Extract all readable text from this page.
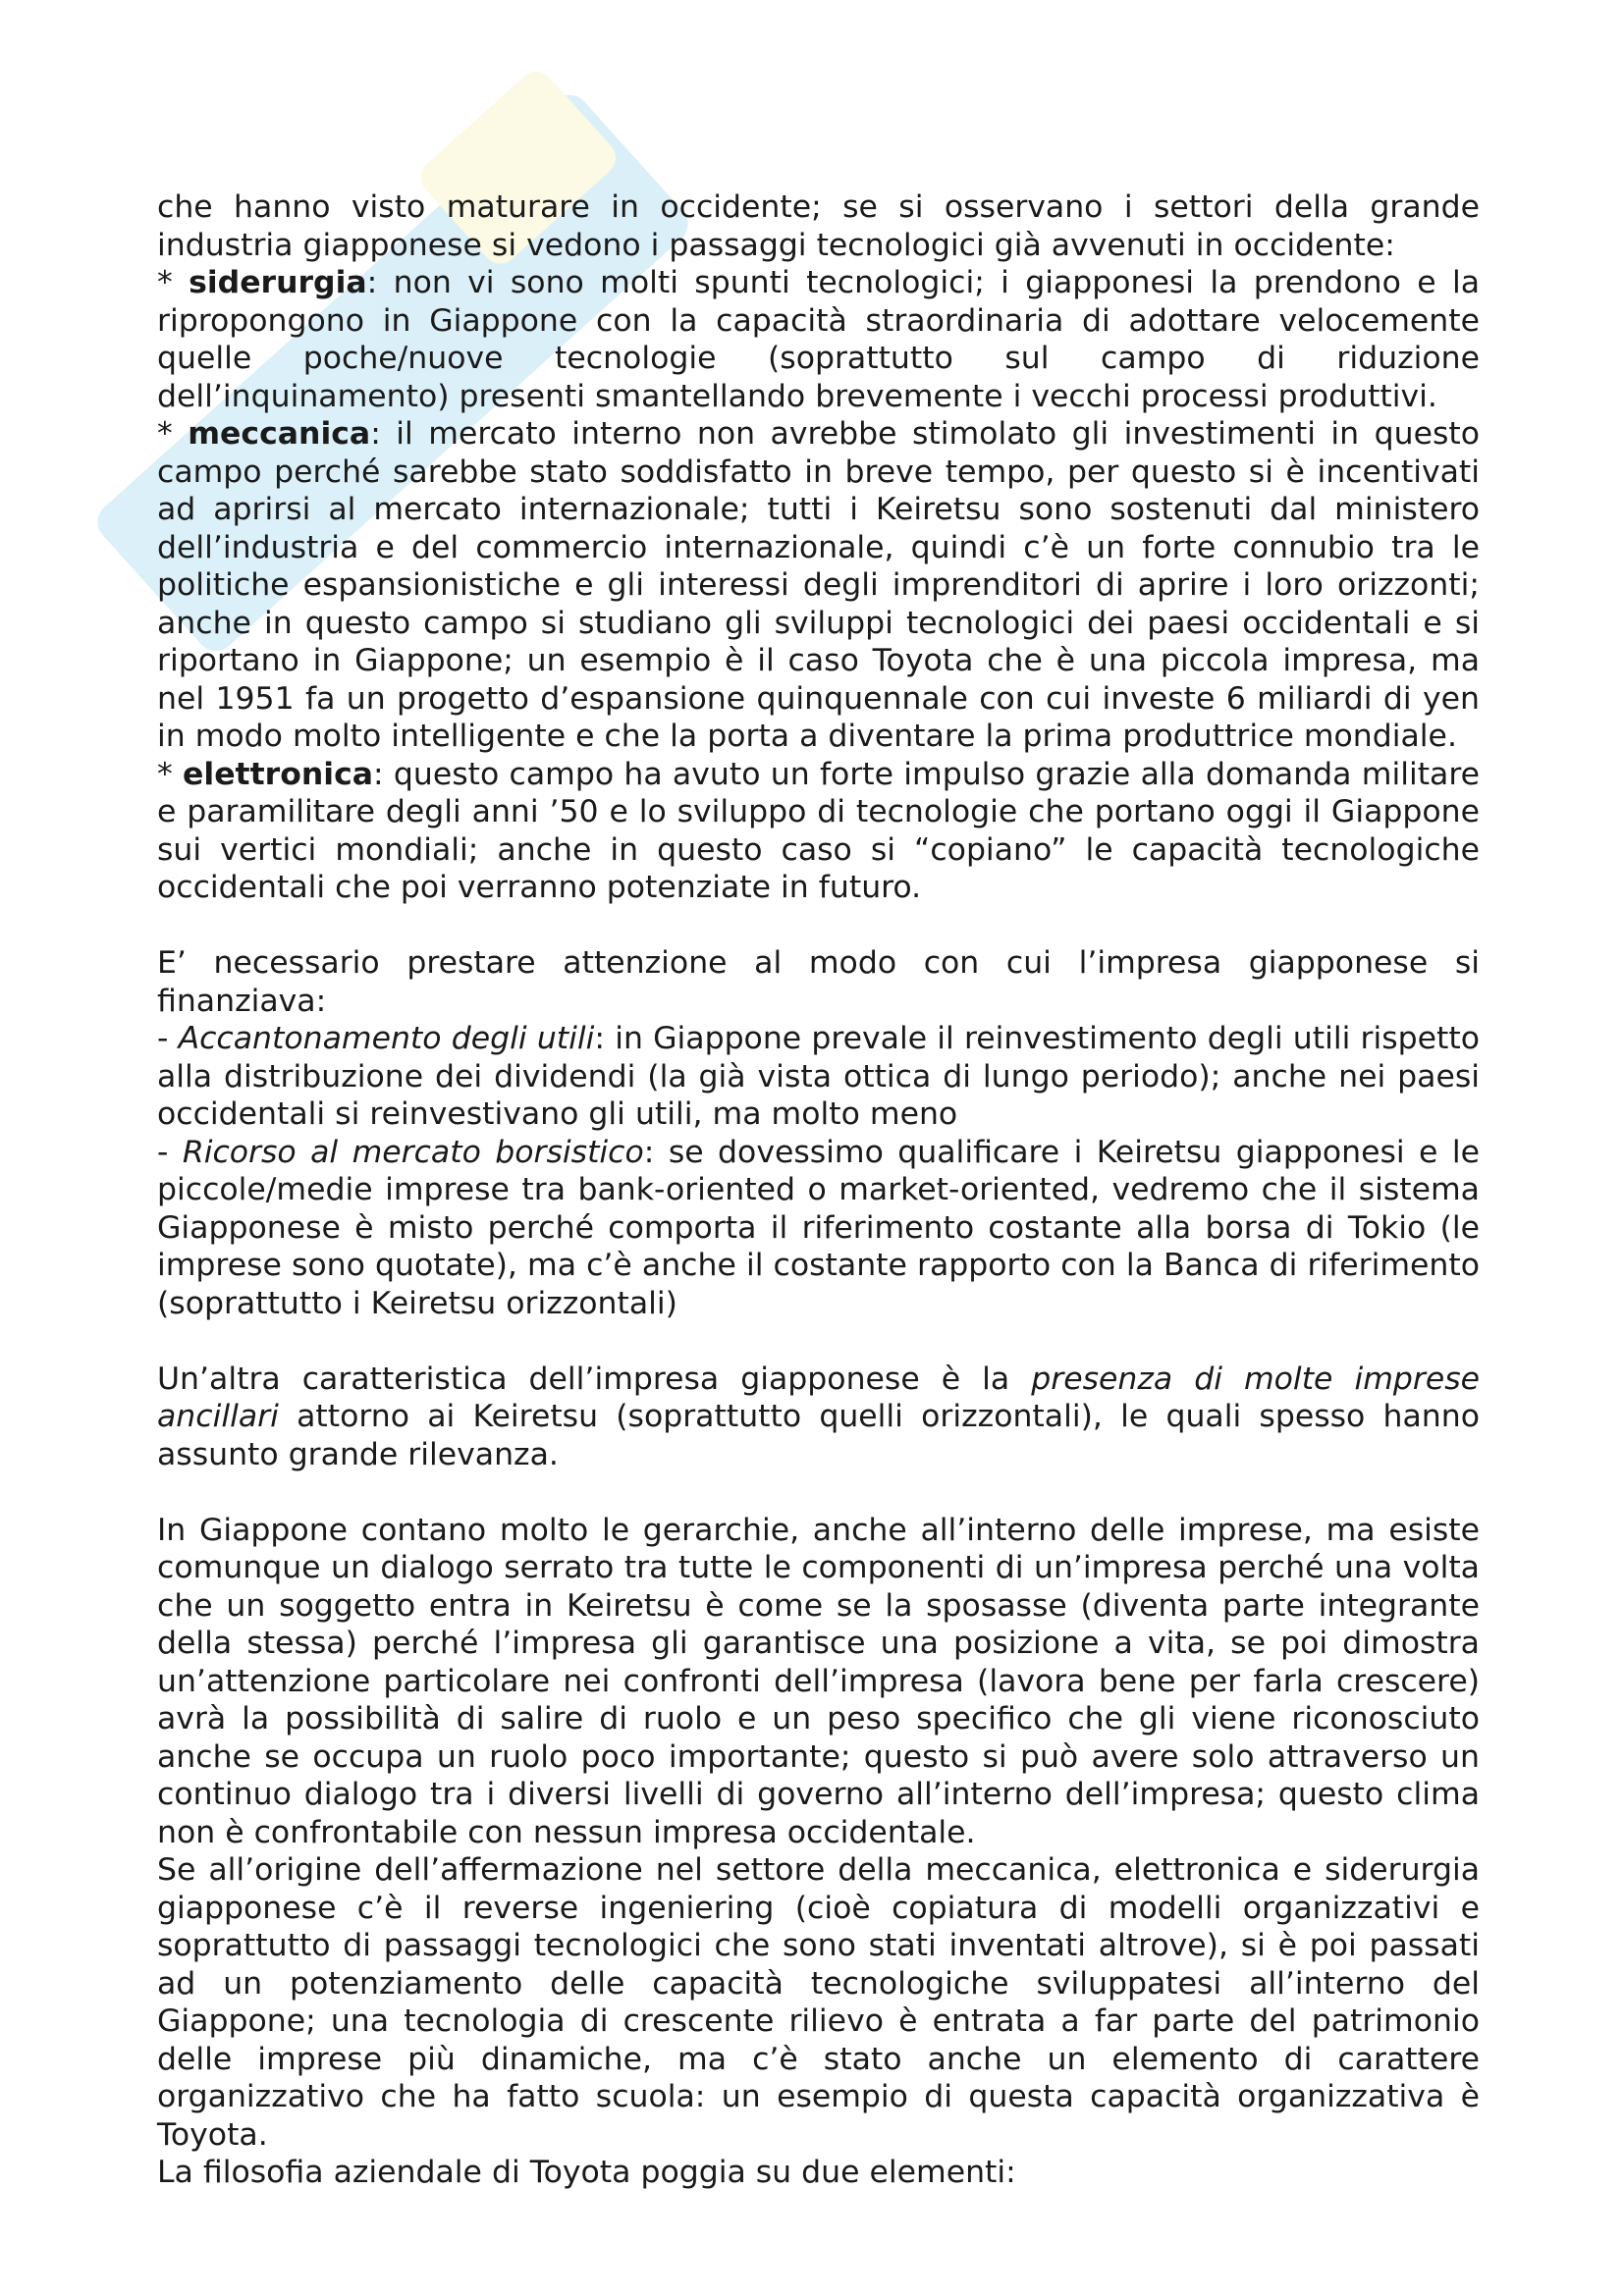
che hanno visto maturare in occidente; se si osservano i settori della grande industria giapponese si vedono i passaggi tecnologici già avvenuti in occidente:

* siderurgia: non vi sono molti spunti tecnologici; i giapponesi la prendono e la ripropongono in Giappone con la capacità straordinaria di adottare velocemente quelle poche/nuove tecnologie (soprattutto sul campo di riduzione dell’inquinamento) presenti smantellando brevemente i vecchi processi produttivi.

* meccanica: il mercato interno non avrebbe stimolato gli investimenti in questo campo perché sarebbe stato soddisfatto in breve tempo, per questo si è incentivati ad aprirsi al mercato internazionale; tutti i Keiretsu sono sostenuti dal ministero dell’industria e del commercio internazionale, quindi c’è un forte connubio tra le politiche espansionistiche e gli interessi degli imprenditori di aprire i loro orizzonti; anche in questo campo si studiano gli sviluppi tecnologici dei paesi occidentali e si riportano in Giappone; un esempio è il caso Toyota che è una piccola impresa, ma nel 1951 fa un progetto d’espansione quinquennale con cui investe 6 miliardi di yen in modo molto intelligente e che la porta a diventare la prima produttrice mondiale.

* elettronica: questo campo ha avuto un forte impulso grazie alla domanda militare e paramilitare degli anni ’50 e lo sviluppo di tecnologie che portano oggi il Giappone sui vertici mondiali; anche in questo caso si “copiano” le capacità tecnologiche occidentali che poi verranno potenziate in futuro.

E’ necessario prestare attenzione al modo con cui l’impresa giapponese si finanziava:

- Accantonamento degli utili: in Giappone prevale il reinvestimento degli utili rispetto alla distribuzione dei dividendi (la già vista ottica di lungo periodo); anche nei paesi occidentali si reinvestivano gli utili, ma molto meno

- Ricorso al mercato borsistico: se dovessimo qualificare i Keiretsu giapponesi e le piccole/medie imprese tra bank-oriented o market-oriented, vedremo che il sistema Giapponese è misto perché comporta il riferimento costante alla borsa di Tokio (le imprese sono quotate), ma c’è anche il costante rapporto con la Banca di riferimento (soprattutto i Keiretsu orizzontali)

Un’altra caratteristica dell’impresa giapponese è la presenza di molte imprese ancillari attorno ai Keiretsu (soprattutto quelli orizzontali), le quali spesso hanno assunto grande rilevanza.

In Giappone contano molto le gerarchie, anche all’interno delle imprese, ma esiste comunque un dialogo serrato tra tutte le componenti di un’impresa perché una volta che un soggetto entra in Keiretsu è come se la sposasse (diventa parte integrante della stessa) perché l’impresa gli garantisce una posizione a vita, se poi dimostra un’attenzione particolare nei confronti dell’impresa (lavora bene per farla crescere) avrà la possibilità di salire di ruolo e un peso specifico che gli viene riconosciuto anche se occupa un ruolo poco importante; questo si può avere solo attraverso un continuo dialogo tra i diversi livelli di governo all’interno dell’impresa; questo clima non è confrontabile con nessun impresa occidentale.

Se all’origine dell’affermazione nel settore della meccanica, elettronica e siderurgia giapponese c’è il reverse ingeniering (cioè copiatura di modelli organizzativi e soprattutto di passaggi tecnologici che sono stati inventati altrove), si è poi passati ad un potenziamento delle capacità tecnologiche sviluppatesi all’interno del Giappone; una tecnologia di crescente rilievo è entrata a far parte del patrimonio delle imprese più dinamiche, ma c’è stato anche un elemento di carattere organizzativo che ha fatto scuola: un esempio di questa capacità organizzativa è Toyota.

La filosofia aziendale di Toyota poggia su due elementi:
